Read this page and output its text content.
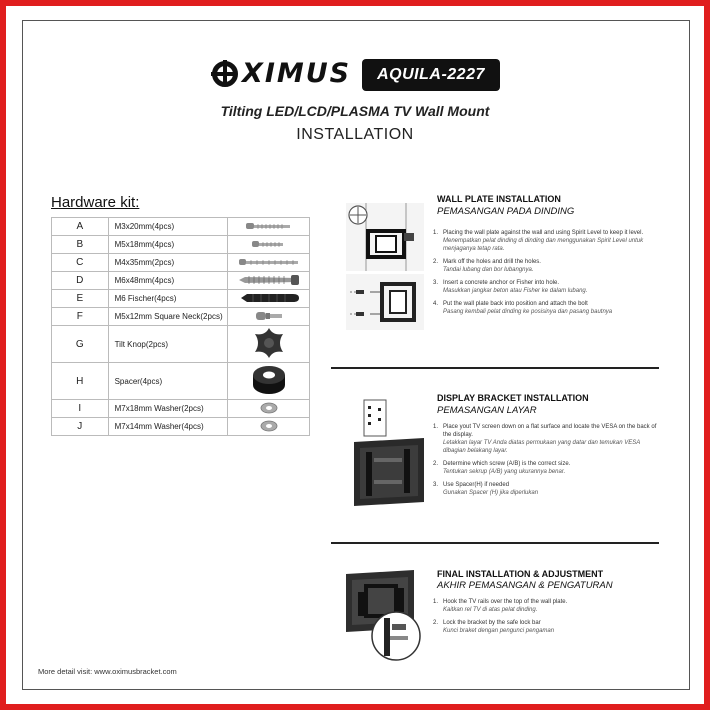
XIMUS	AQUILA-2227
Tilting LED/LCD/PLASMA TV Wall Mount
INSTALLATION
Hardware kit:
A	M3x20mm(4pcs)	
B	M5x18mm(4pcs)	
C	M4x35mm(2pcs)	
D	M6x48mm(4pcs)	
E	M6 Fischer(4pcs)	
F	M5x12mm Square Neck(2pcs)	
G	Tilt Knop(2pcs)	
H	Spacer(4pcs)	
I	M7x18mm Washer(2pcs)	
J	M7x14mm Washer(4pcs)	
WALL PLATE INSTALLATION
PEMASANGAN PADA DINDING
1. Placing the wall plate against the wall and using Spirit Level to keep it level.
Menempatkan pelat dinding di dinding dan menggunakan Spirit Level untuk menjaganya tetap rata.
2. Mark off the holes and drill the holes.
Tandai lubang dan bor lubangnya.
3. Insert a concrete anchor or Fisher into hole.
Masukkan jangkar beton atau Fisher ke dalam lubang.
4. Put the wall plate back into position and attach the bolt
Pasang kembali pelat dinding ke posisinya dan pasang bautnya
DISPLAY BRACKET INSTALLATION
PEMASANGAN LAYAR
1. Place yout TV screen down on a flat surface and locate the VESA on the back of the display.
Letakkan layar TV Anda diatas permukaan yang datar dan temukan VESA dibagian belakang layar.
2. Determine which screw (A/B) is the correct size.
Tentukan sekrup (A/B) yang ukurannya benar.
3. Use Spacer(H) if needed
Gunakan Spacer (H) jika diperlukan
FINAL INSTALLATION & ADJUSTMENT
AKHIR PEMASANGAN & PENGATURAN
1. Hook the TV rails over the top of the wall plate.
Kaitkan rel TV di atas pelat dinding.
2. Lock the bracket by the safe lock bar
Kunci braket dengan pengunci pengaman
More detail visit: www.oximusbracket.com
